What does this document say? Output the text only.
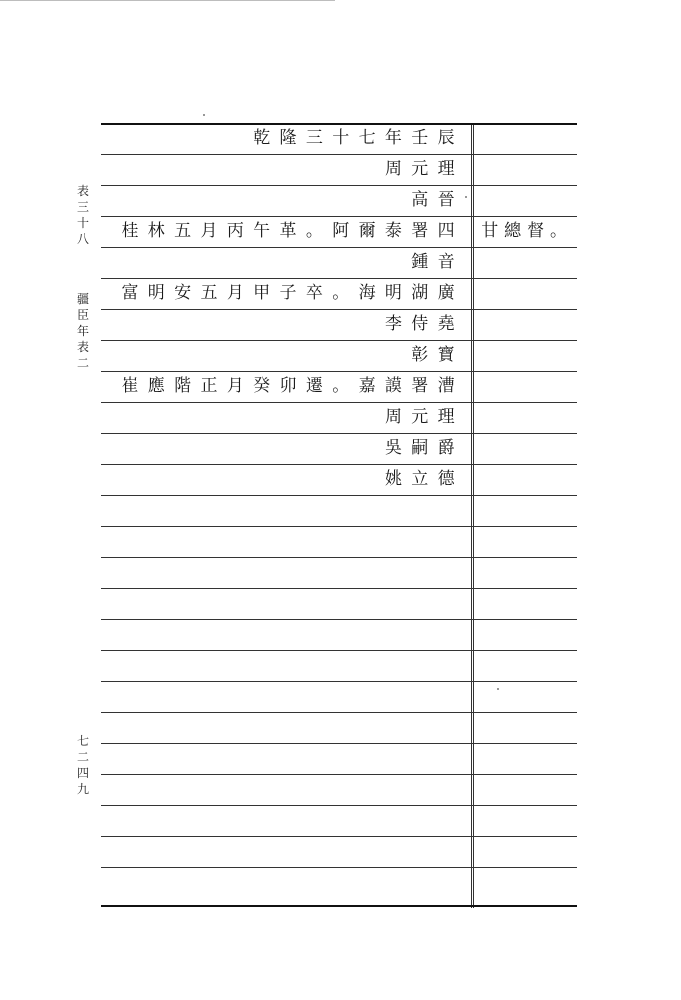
表
三
十
八
疆
臣
年
表
二
七
二
四
九
乾隆三十七年壬辰
周元理
高晉
桂林五月丙午革。阿爾泰署四 甘總督。
鍾音
富明安五月甲子卒。海明湖廣
李侍堯
彰寶
崔應階正月癸卯遷。嘉謨署漕
周元理
吳嗣爵
姚立德
